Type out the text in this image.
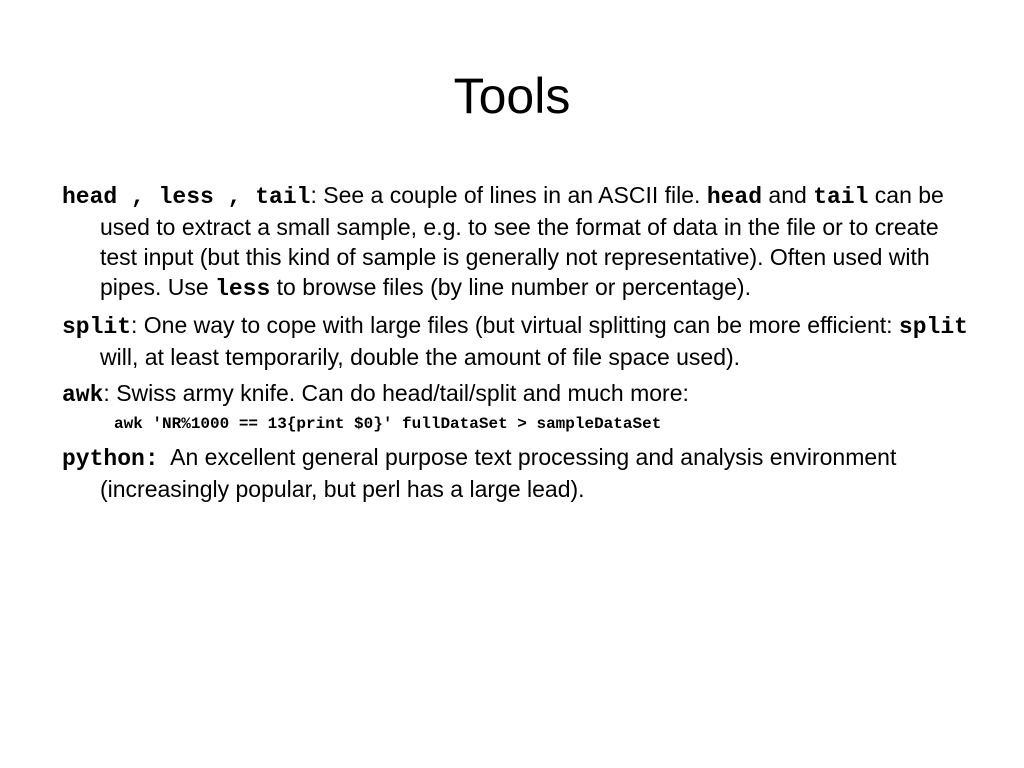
Tools

head , less , tail: See a couple of lines in an ASCII file. head and tail can be used to extract a small sample, e.g. to see the format of data in the file or to create test input (but this kind of sample is generally not representative). Often used with pipes. Use less to browse files (by line number or percentage).

split: One way to cope with large files (but virtual splitting can be more efficient: split will, at least temporarily, double the amount of file space used).

awk: Swiss army knife. Can do head/tail/split and much more:

awk 'NR%1000 == 13{print $0}' fullDataSet > sampleDataSet

python:  An excellent general purpose text processing and analysis environment (increasingly popular, but perl has a large lead).
